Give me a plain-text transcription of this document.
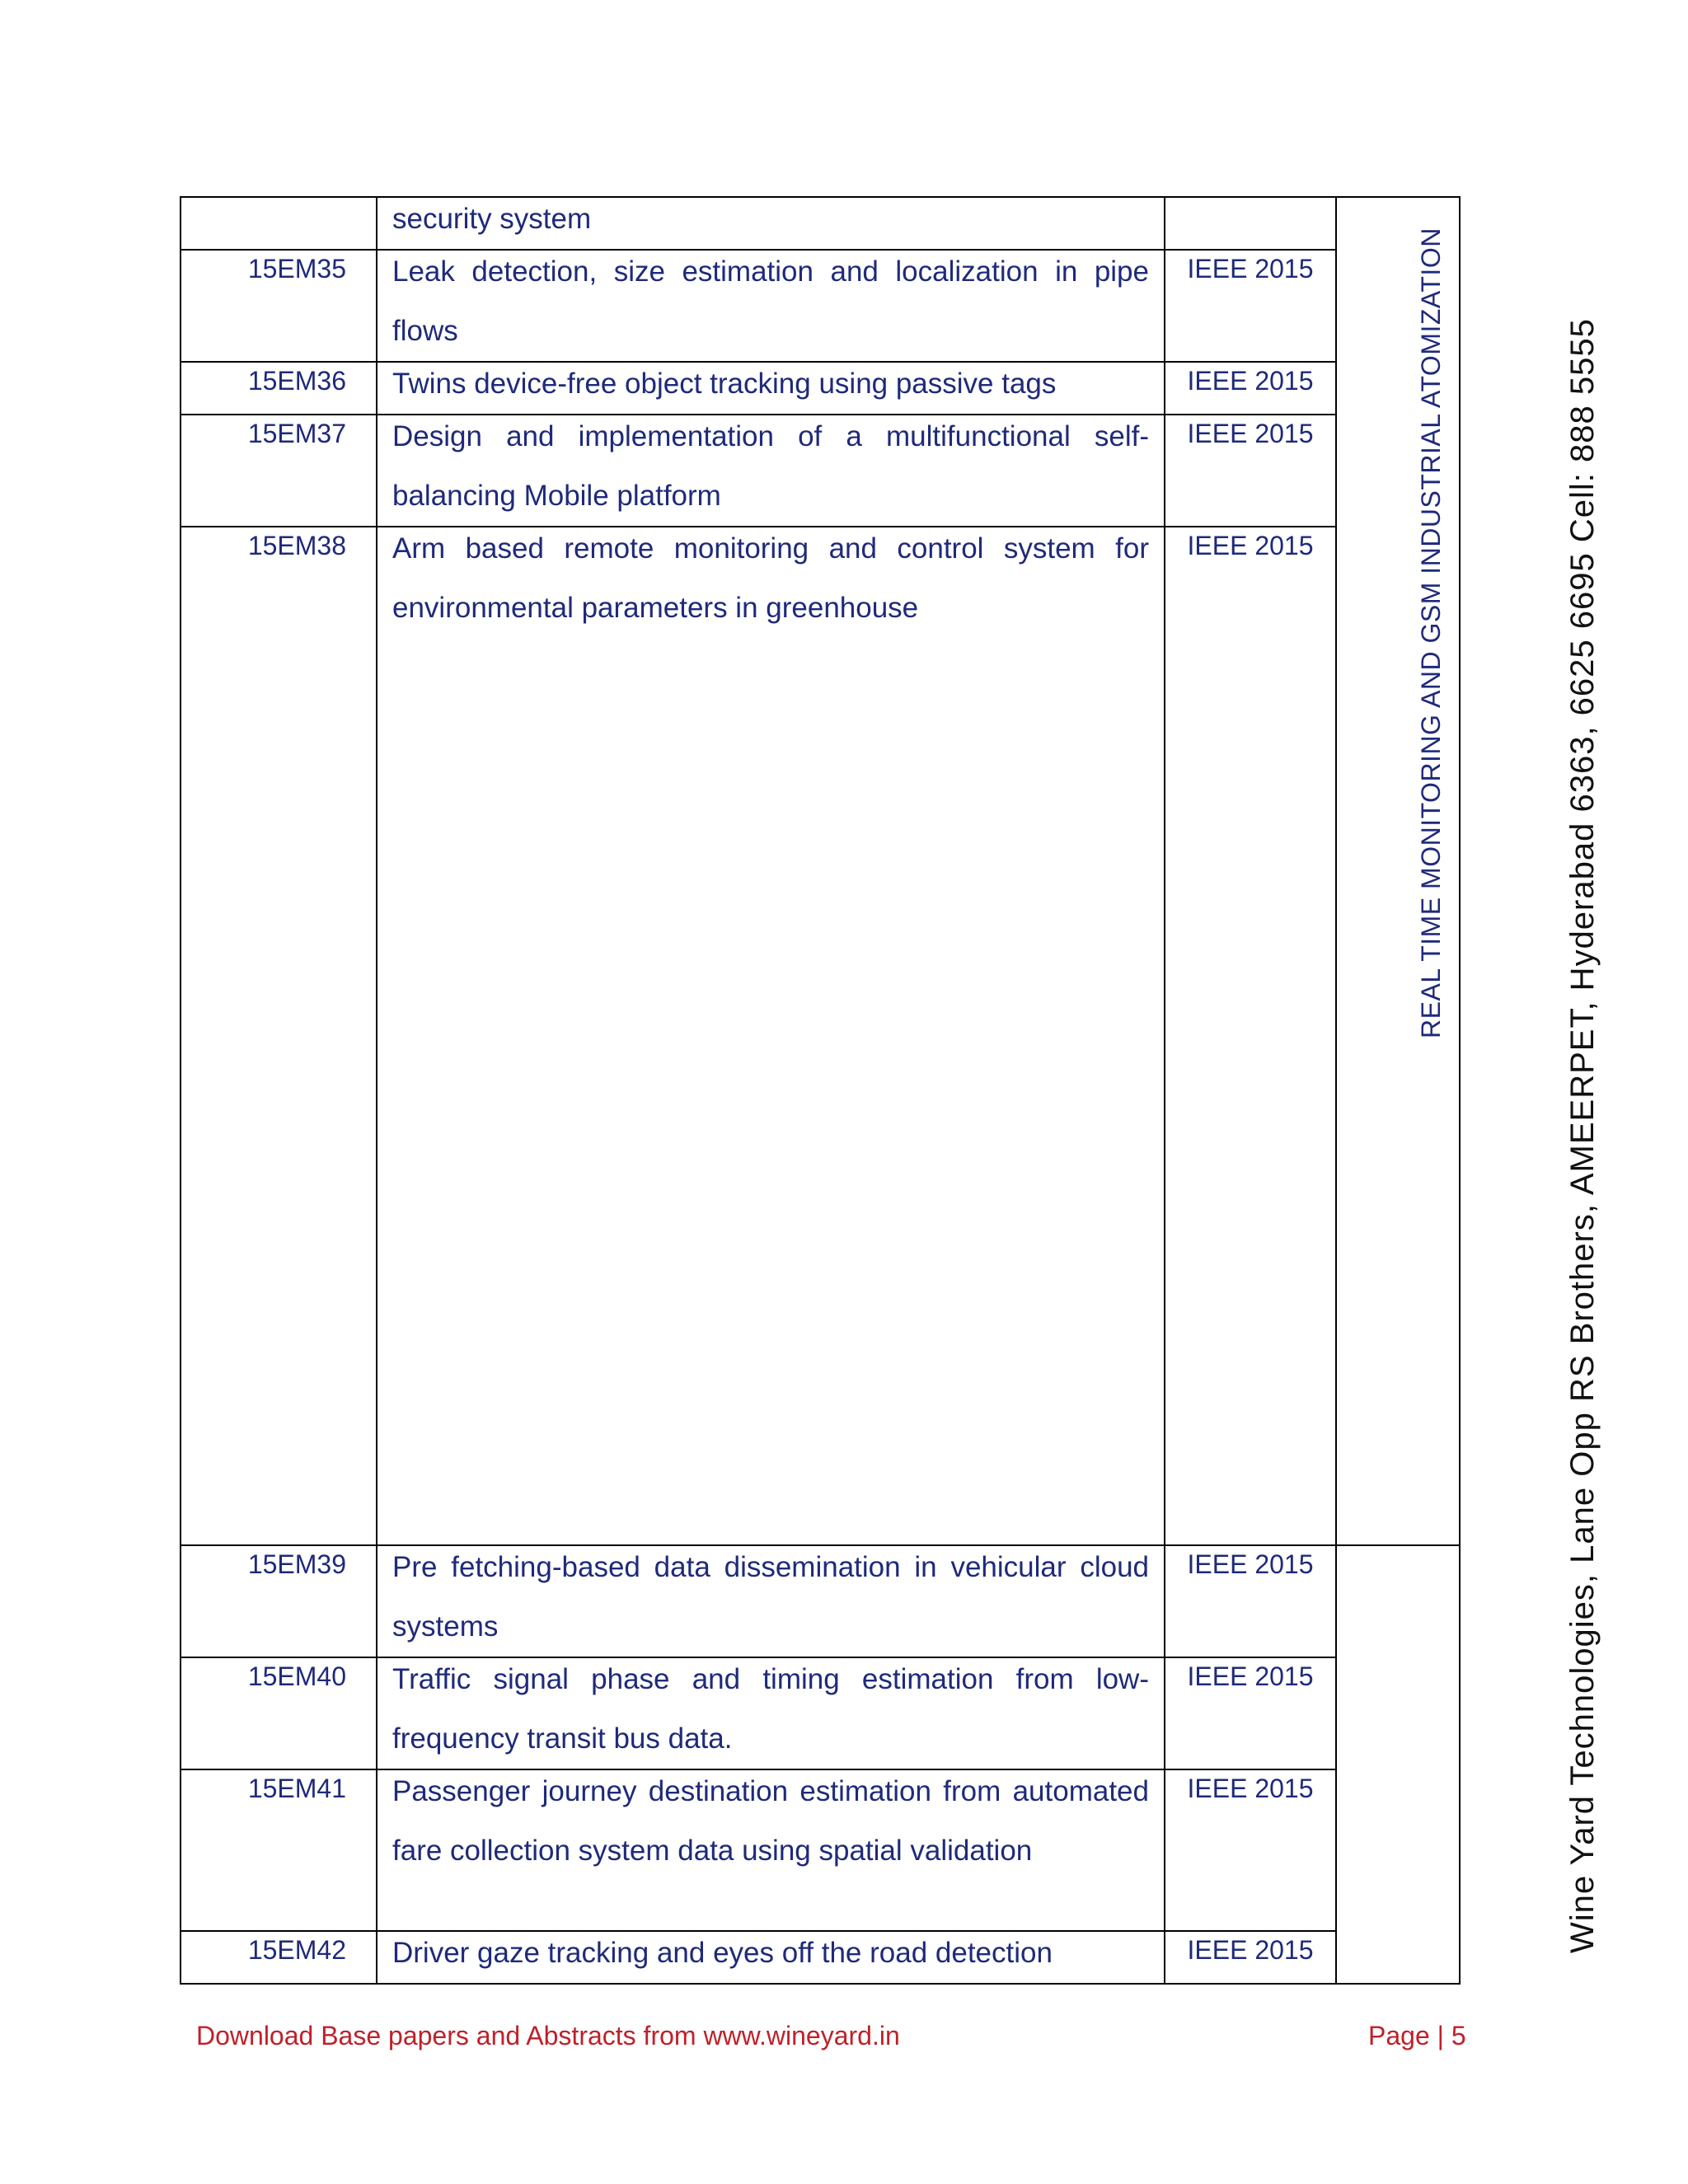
	security system		REAL TIME MONITORING AND GSM INDUSTRIAL ATOMIZATION

15EM35	Leak detection, size estimation and localization in pipe flows	IEEE 2015	
15EM36	Twins device-free object tracking using passive tags	IEEE 2015	
15EM37	Design and implementation of a multifunctional self-balancing Mobile platform	IEEE 2015	
15EM38	Arm based remote monitoring and control system for environmental parameters in greenhouse	IEEE 2015	
15EM39	Pre fetching-based data dissemination in vehicular cloud systems	IEEE 2015	
15EM40	Traffic signal phase and timing estimation from low-frequency transit bus data.	IEEE 2015	
15EM41	Passenger journey destination estimation from automated fare collection system data using spatial validation	IEEE 2015	
15EM42	Driver gaze tracking and eyes off the road detection	IEEE 2015		Wine Yard Technologies, Lane Opp RS Brothers, AMEERPET, Hyderabad 6363, 6625 6695 Cell: 888 5555
Download Base papers and Abstracts from www.wineyard.in	Page | 5
